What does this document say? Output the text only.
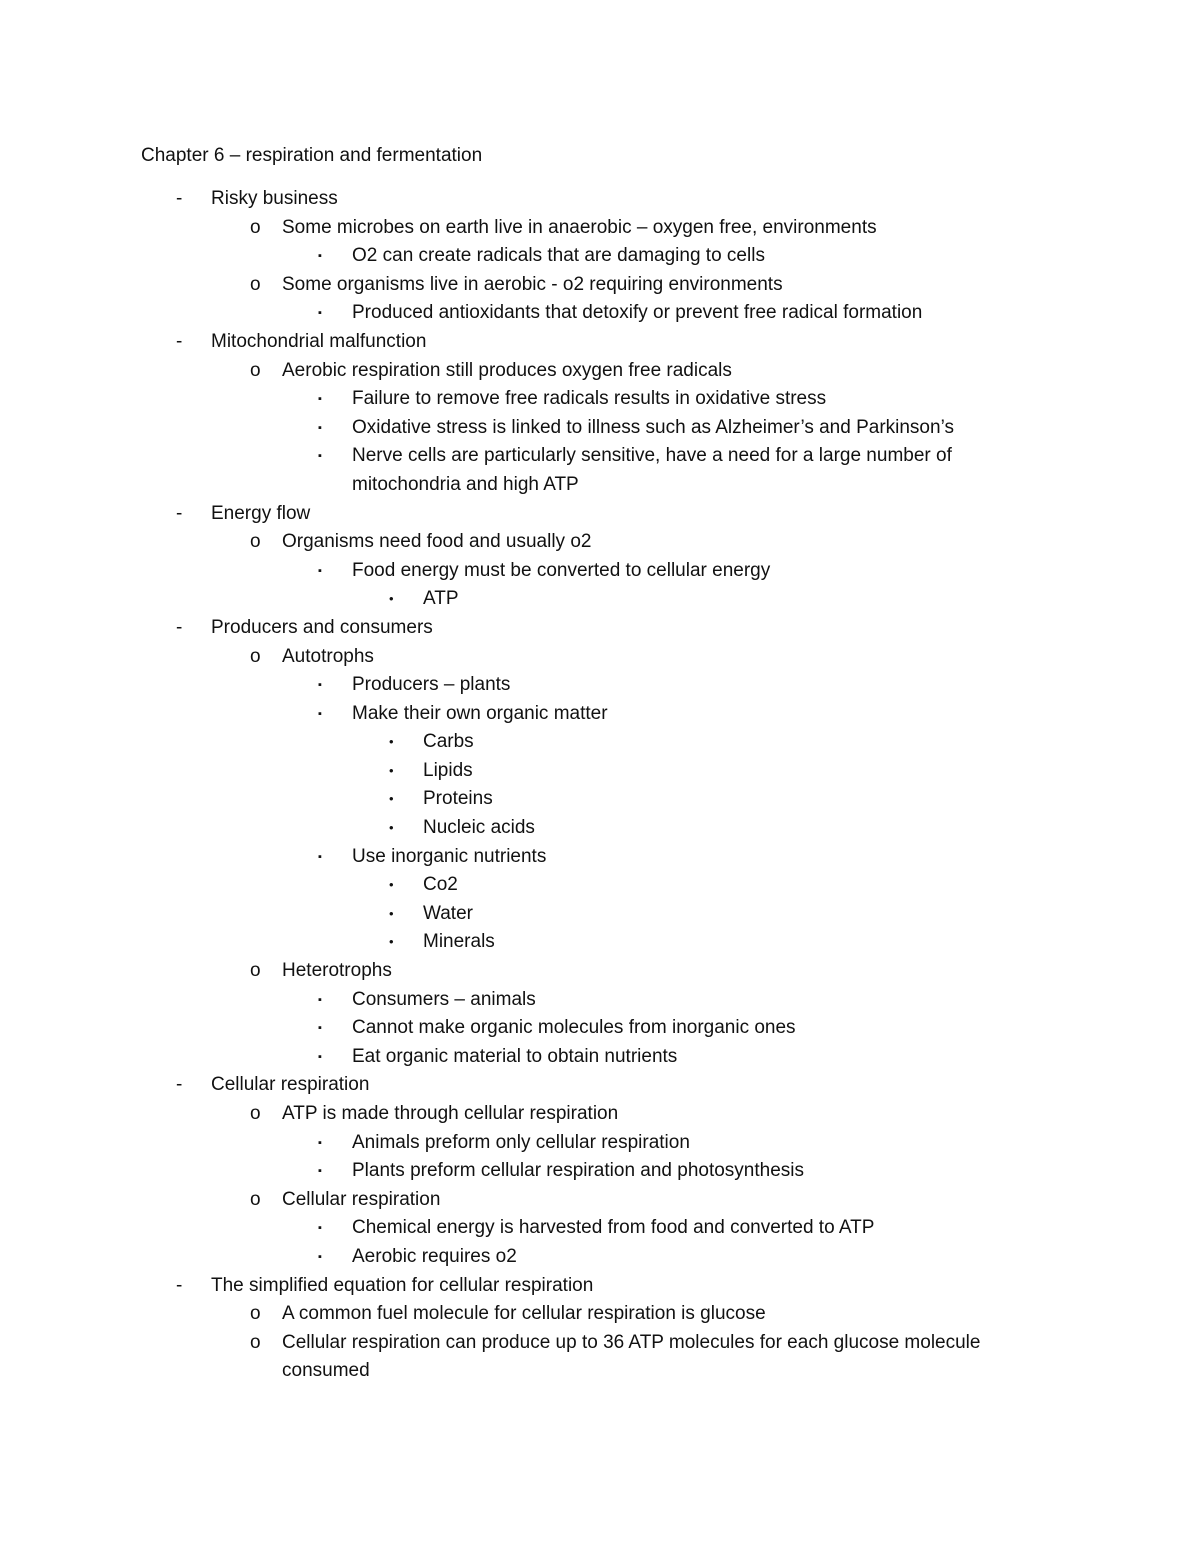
Chapter 6 – respiration and fermentation
- Risky business
o Some microbes on earth live in anaerobic – oxygen free, environments
▪ O2 can create radicals that are damaging to cells
o Some organisms live in aerobic - o2 requiring environments
▪ Produced antioxidants that detoxify or prevent free radical formation
- Mitochondrial malfunction
o Aerobic respiration still produces oxygen free radicals
▪ Failure to remove free radicals results in oxidative stress
▪ Oxidative stress is linked to illness such as Alzheimer’s and Parkinson’s
▪ Nerve cells are particularly sensitive, have a need for a large number of
mitochondria and high ATP
- Energy flow
o Organisms need food and usually o2
▪ Food energy must be converted to cellular energy
• ATP
- Producers and consumers
o Autotrophs
▪ Producers – plants
▪ Make their own organic matter
• Carbs
• Lipids
• Proteins
• Nucleic acids
▪ Use inorganic nutrients
• Co2
• Water
• Minerals
o Heterotrophs
▪ Consumers – animals
▪ Cannot make organic molecules from inorganic ones
▪ Eat organic material to obtain nutrients
- Cellular respiration
o ATP is made through cellular respiration
▪ Animals preform only cellular respiration
▪ Plants preform cellular respiration and photosynthesis
o Cellular respiration
▪ Chemical energy is harvested from food and converted to ATP
▪ Aerobic requires o2
- The simplified equation for cellular respiration
o A common fuel molecule for cellular respiration is glucose
o Cellular respiration can produce up to 36 ATP molecules for each glucose molecule
consumed
